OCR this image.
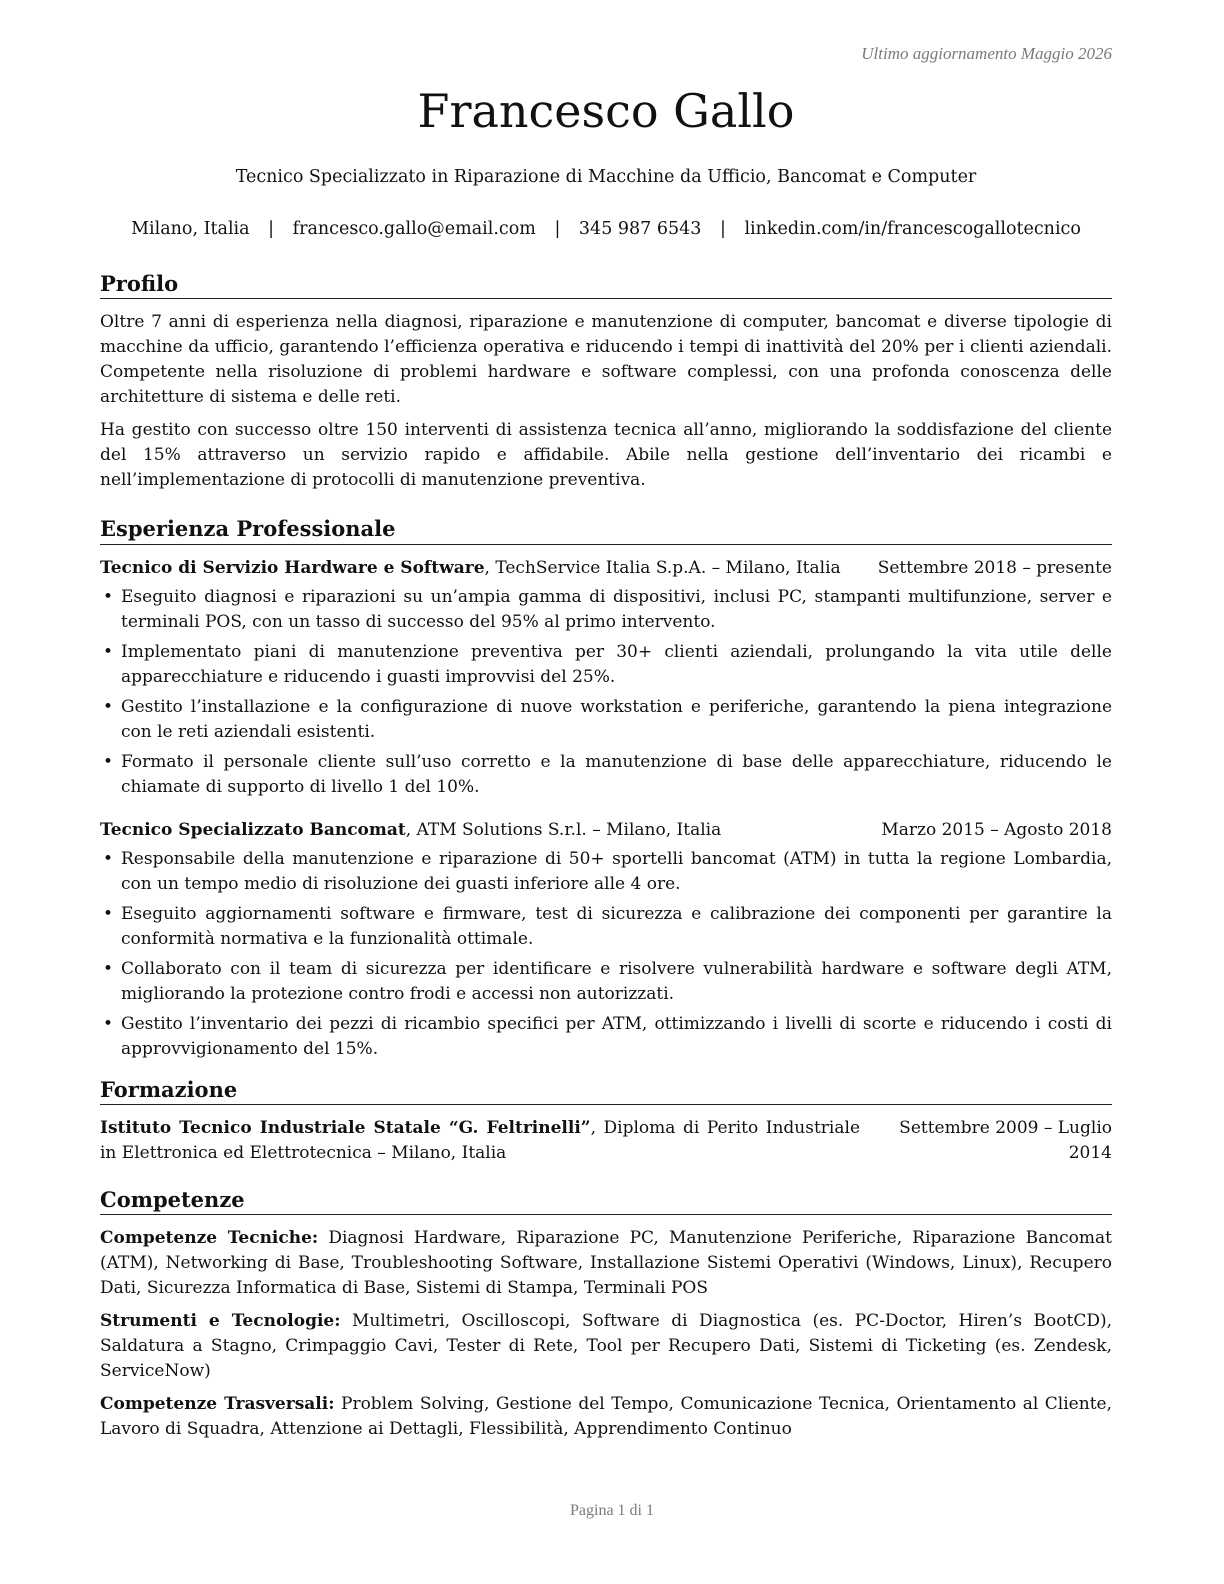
Ultimo aggiornamento Maggio 2026
Francesco Gallo
Tecnico Specializzato in Riparazione di Macchine da Ufficio, Bancomat e Computer
Milano, Italia | francesco.gallo@email.com | 345 987 6543 | linkedin.com/in/francescogallotecnico
Profilo

Oltre 7 anni di esperienza nella diagnosi, riparazione e manutenzione di computer, bancomat e diverse tipologie di macchine da ufficio, garantendo l’efficienza operativa e riducendo i tempi di inattività del 20% per i clienti aziendali. Competente nella risoluzione di problemi hardware e software complessi, con una profonda conoscenza delle architetture di sistema e delle reti.

Ha gestito con successo oltre 150 interventi di assistenza tecnica all’anno, migliorando la soddisfazione del cliente del 15% attraverso un servizio rapido e affidabile. Abile nella gestione dell’inventario dei ricambi e nell’implementazione di protocolli di manutenzione preventiva.

Esperienza Professionale
Tecnico di Servizio Hardware e Software, TechService Italia S.p.A. – Milano, Italia Settembre 2018 – presente
• Eseguito diagnosi e riparazioni su un’ampia gamma di dispositivi, inclusi PC, stampanti multifunzione, server e terminali POS, con un tasso di successo del 95% al primo intervento.
• Implementato piani di manutenzione preventiva per 30+ clienti aziendali, prolungando la vita utile delle apparecchiature e riducendo i guasti improvvisi del 25%.
• Gestito l’installazione e la configurazione di nuove workstation e periferiche, garantendo la piena integrazione con le reti aziendali esistenti.
• Formato il personale cliente sull’uso corretto e la manutenzione di base delle apparecchiature, riducendo le chiamate di supporto di livello 1 del 10%.
Tecnico Specializzato Bancomat, ATM Solutions S.r.l. – Milano, Italia	Marzo 2015 – Agosto 2018
• Responsabile della manutenzione e riparazione di 50+ sportelli bancomat (ATM) in tutta la regione Lombardia, con un tempo medio di risoluzione dei guasti inferiore alle 4 ore.
• Eseguito aggiornamenti software e firmware, test di sicurezza e calibrazione dei componenti per garantire la conformità normativa e la funzionalità ottimale.
• Collaborato con il team di sicurezza per identificare e risolvere vulnerabilità hardware e software degli ATM, migliorando la protezione contro frodi e accessi non autorizzati.
• Gestito l’inventario dei pezzi di ricambio specifici per ATM, ottimizzando i livelli di scorte e riducendo i costi di approvvigionamento del 15%.
Formazione
Istituto Tecnico Industriale Statale “G. Feltrinelli”, Diploma di Perito Industriale in Elettronica ed Elettrotecnica – Milano, Italia
Settembre 2009 – Luglio 2014
Competenze

Competenze Tecniche: Diagnosi Hardware, Riparazione PC, Manutenzione Periferiche, Riparazione Bancomat (ATM), Networking di Base, Troubleshooting Software, Installazione Sistemi Operativi (Windows, Linux), Recupero Dati, Sicurezza Informatica di Base, Sistemi di Stampa, Terminali POS

Strumenti e Tecnologie: Multimetri, Oscilloscopi, Software di Diagnostica (es. PC-Doctor, Hiren’s BootCD), Saldatura a Stagno, Crimpaggio Cavi, Tester di Rete, Tool per Recupero Dati, Sistemi di Ticketing (es. Zendesk, ServiceNow)

Competenze Trasversali: Problem Solving, Gestione del Tempo, Comunicazione Tecnica, Orientamento al Cliente, Lavoro di Squadra, Attenzione ai Dettagli, Flessibilità, Apprendimento Continuo

Pagina 1 di 1
